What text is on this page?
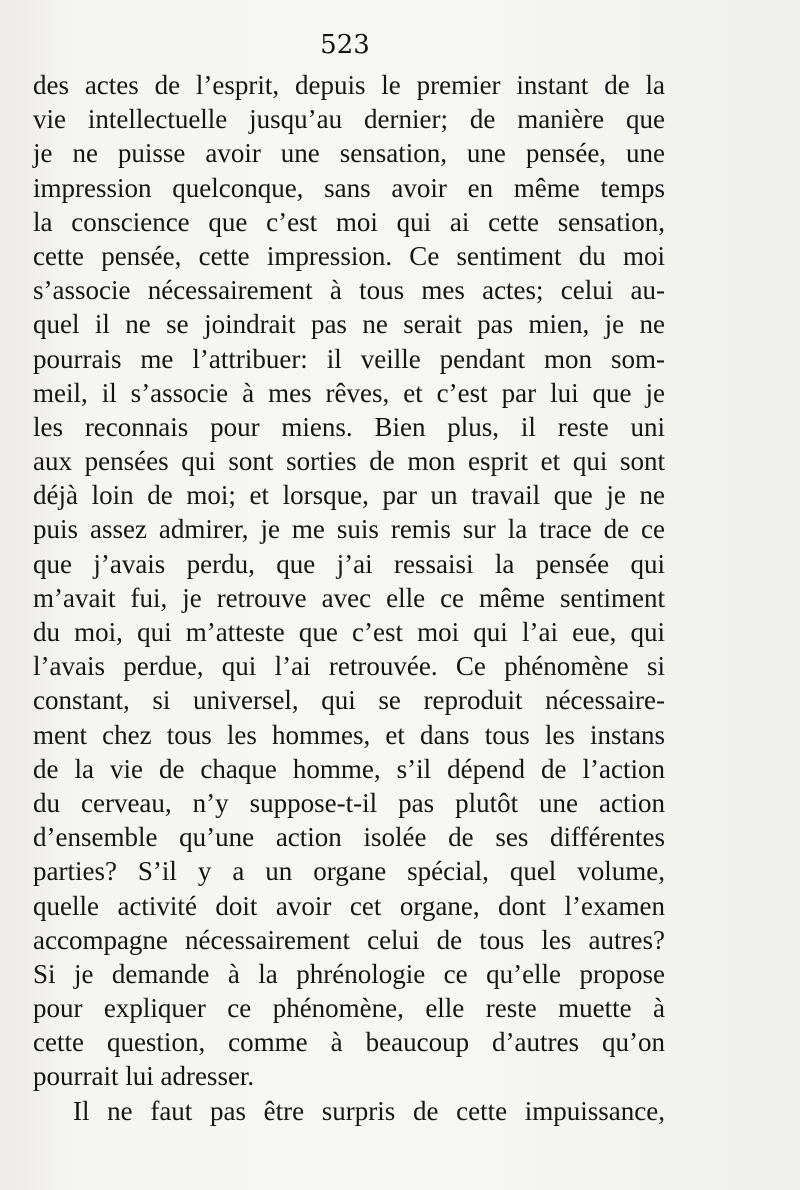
523
des actes de l’esprit, depuis le premier instant de la
vie intellectuelle jusqu’au dernier; de manière que
je ne puisse avoir une sensation, une pensée, une
impression quelconque, sans avoir en même temps
la conscience que c’est moi qui ai cette sensation,
cette pensée, cette impression. Ce sentiment du moi
s’associe nécessairement à tous mes actes; celui au-
quel il ne se joindrait pas ne serait pas mien, je ne
pourrais me l’attribuer: il veille pendant mon som-
meil, il s’associe à mes rêves, et c’est par lui que je
les reconnais pour miens. Bien plus, il reste uni
aux pensées qui sont sorties de mon esprit et qui sont
déjà loin de moi; et lorsque, par un travail que je ne
puis assez admirer, je me suis remis sur la trace de ce
que j’avais perdu, que j’ai ressaisi la pensée qui
m’avait fui, je retrouve avec elle ce même sentiment
du moi, qui m’atteste que c’est moi qui l’ai eue, qui
l’avais perdue, qui l’ai retrouvée. Ce phénomène si
constant, si universel, qui se reproduit nécessaire-
ment chez tous les hommes, et dans tous les instans
de la vie de chaque homme, s’il dépend de l’action
du cerveau, n’y suppose-t-il pas plutôt une action
d’ensemble qu’une action isolée de ses différentes
parties? S’il y a un organe spécial, quel volume,
quelle activité doit avoir cet organe, dont l’examen
accompagne nécessairement celui de tous les autres?
Si je demande à la phrénologie ce qu’elle propose
pour expliquer ce phénomène, elle reste muette à
cette question, comme à beaucoup d’autres qu’on
pourrait lui adresser.
Il ne faut pas être surpris de cette impuissance,
